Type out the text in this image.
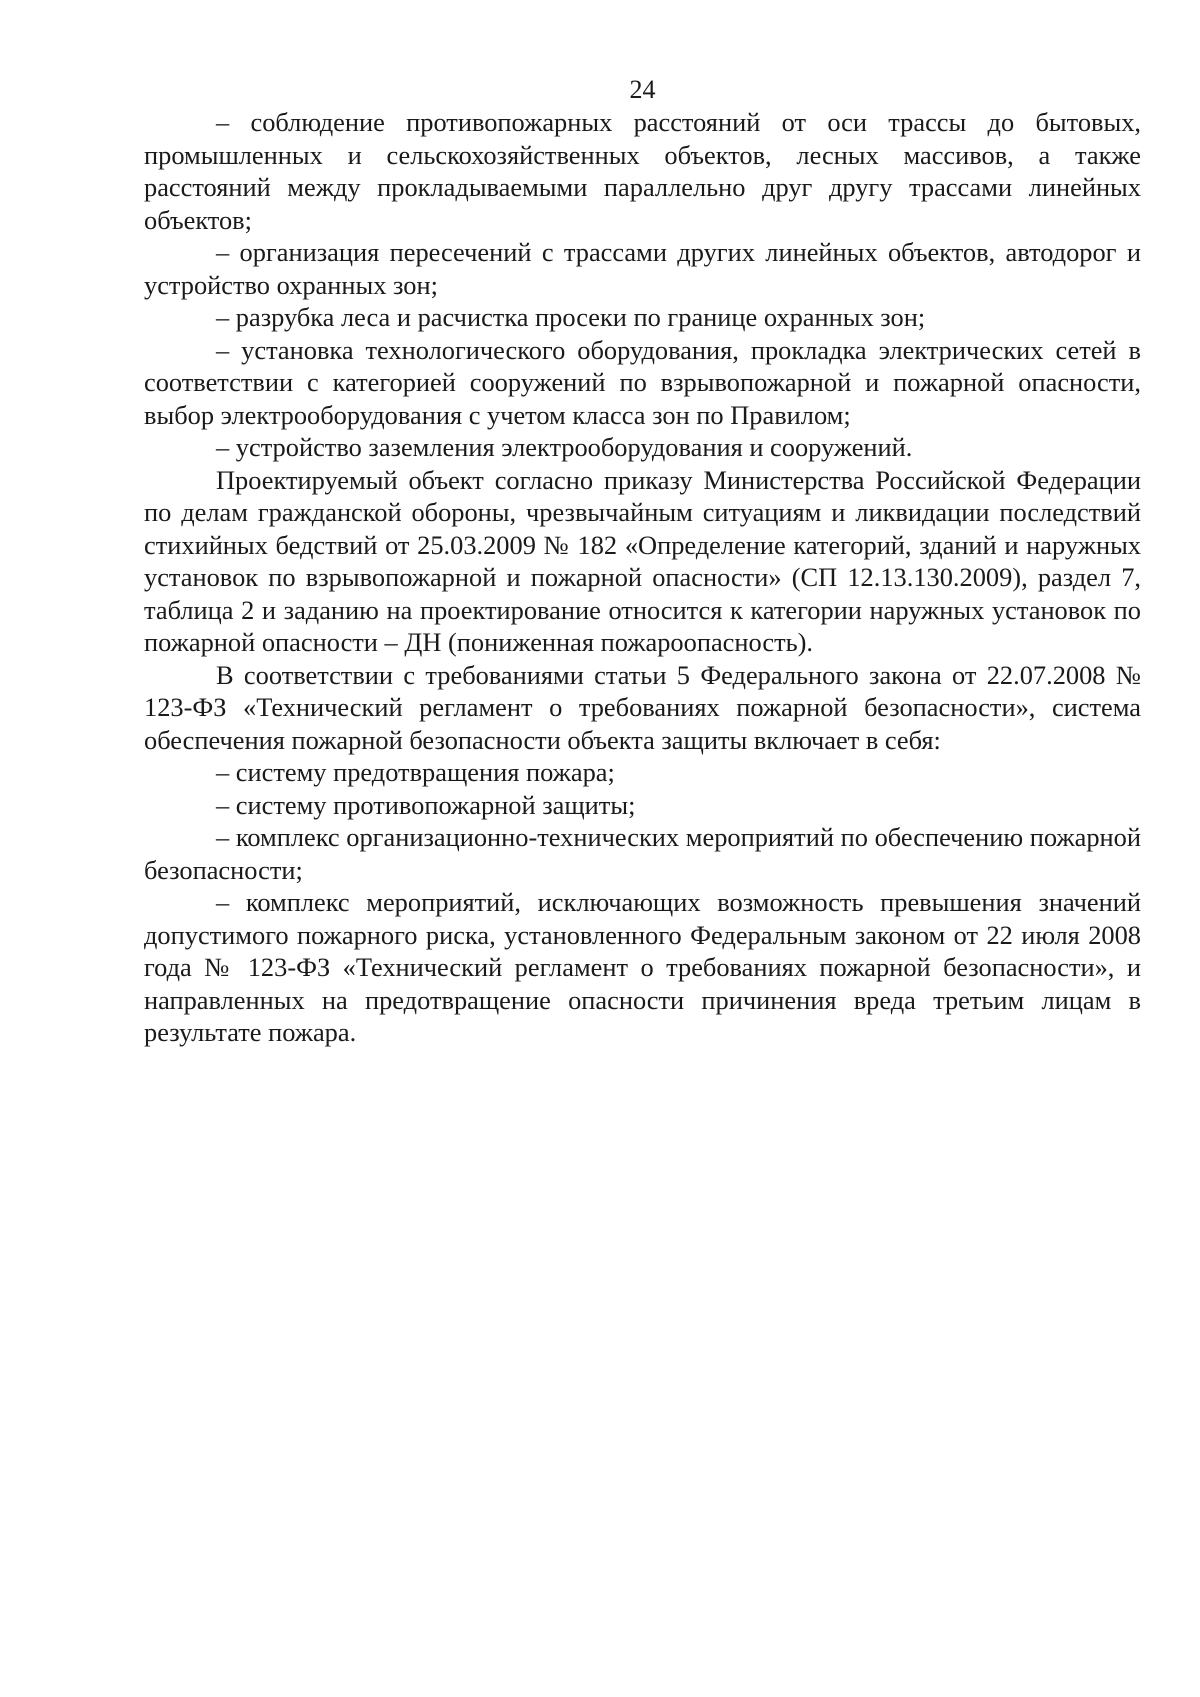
24

– соблюдение противопожарных расстояний от оси трассы до бытовых, промышленных и сельскохозяйственных объектов, лесных массивов, а также расстояний между прокладываемыми параллельно друг другу трассами линейных объектов;

– организация пересечений с трассами других линейных объектов, автодорог и устройство охранных зон;

– разрубка леса и расчистка просеки по границе охранных зон;

– установка технологического оборудования, прокладка электрических сетей в соответствии с категорией сооружений по взрывопожарной и пожарной опасности, выбор электрооборудования с учетом класса зон по Правилом;

– устройство заземления электрооборудования и сооружений.

Проектируемый объект согласно приказу Министерства Российской Федерации по делам гражданской обороны, чрезвычайным ситуациям и ликвидации последствий стихийных бедствий от 25.03.2009 № 182 «Определение категорий, зданий и наружных установок по взрывопожарной и пожарной опасности» (СП 12.13.130.2009), раздел 7, таблица 2 и заданию на проектирование относится к категории наружных установок по пожарной опасности – ДН (пониженная пожароопасность).

В соответствии с требованиями статьи 5 Федерального закона от 22.07.2008 № 123-ФЗ «Технический регламент о требованиях пожарной безопасности», система обеспечения пожарной безопасности объекта защиты включает в себя:

– систему предотвращения пожара;

– систему противопожарной защиты;

– комплекс организационно-технических мероприятий по обеспечению пожарной безопасности;

– комплекс мероприятий, исключающих возможность превышения значений допустимого пожарного риска, установленного Федеральным законом от 22 июля 2008 года № 123-ФЗ «Технический регламент о требованиях пожарной безопасности», и направленных на предотвращение опасности причинения вреда третьим лицам в результате пожара.
